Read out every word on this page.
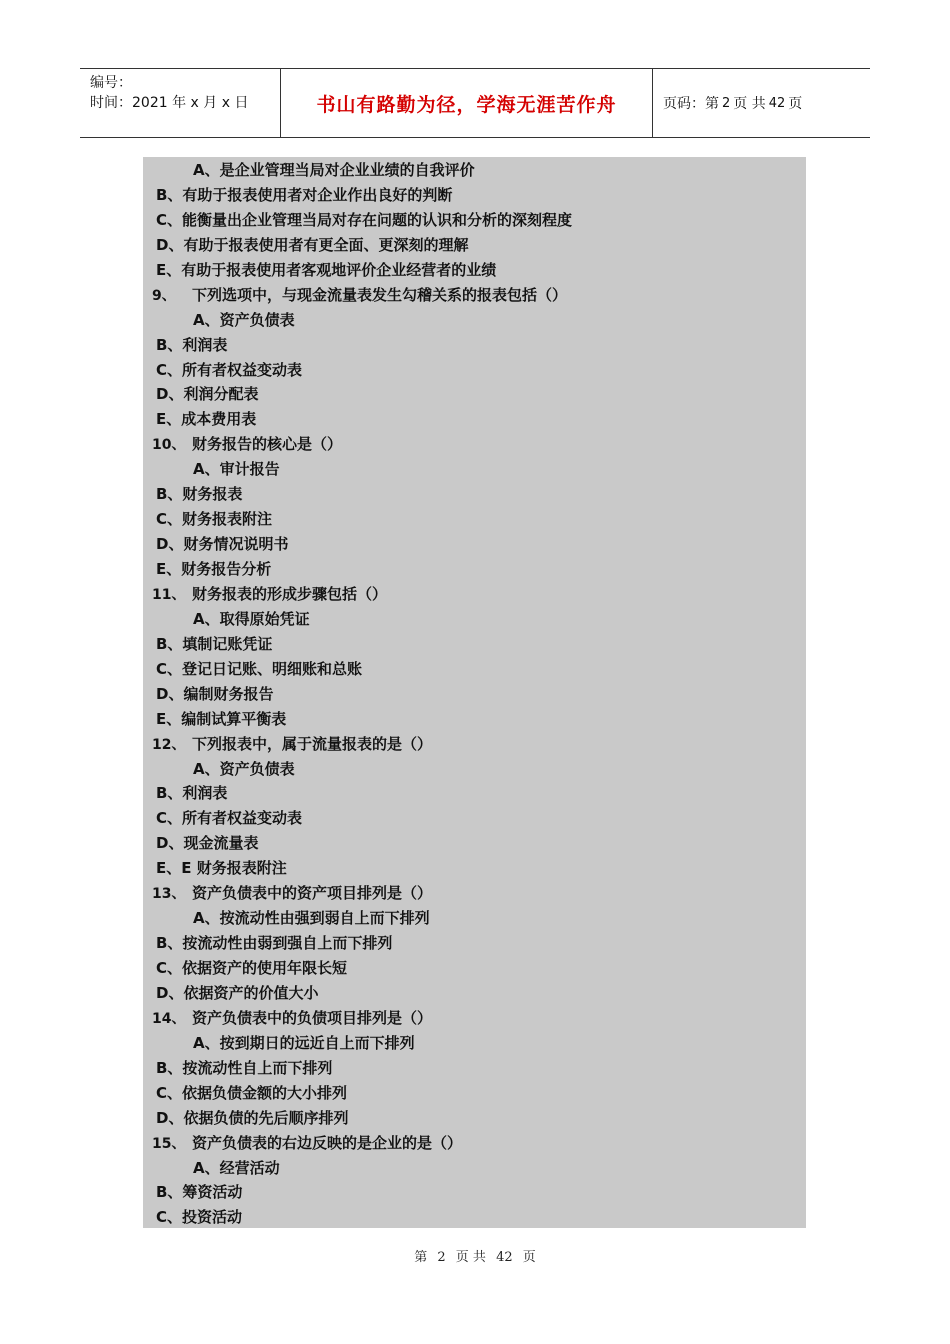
编号：
时间：2021 年 x 月 x 日	书山有路勤为径，学海无涯苦作舟	页码：第 2 页 共 42 页
A、是企业管理当局对企业业绩的自我评价
B、有助于报表使用者对企业作出良好的判断
C、能衡量出企业管理当局对存在问题的认识和分析的深刻程度
D、有助于报表使用者有更全面、更深刻的理解
E、有助于报表使用者客观地评价企业经营者的业绩
9、 下列选项中，与现金流量表发生勾稽关系的报表包括（）
A、资产负债表
B、利润表
C、所有者权益变动表
D、利润分配表
E、成本费用表
10、 财务报告的核心是（）
A、审计报告
B、财务报表
C、财务报表附注
D、财务情况说明书
E、财务报告分析
11、 财务报表的形成步骤包括（）
A、取得原始凭证
B、填制记账凭证
C、登记日记账、明细账和总账
D、编制财务报告
E、编制试算平衡表
12、 下列报表中，属于流量报表的是（）
A、资产负债表
B、利润表
C、所有者权益变动表
D、现金流量表
E、E 财务报表附注
13、 资产负债表中的资产项目排列是（）
A、按流动性由强到弱自上而下排列
B、按流动性由弱到强自上而下排列
C、依据资产的使用年限长短
D、依据资产的价值大小
14、 资产负债表中的负债项目排列是（）
A、按到期日的远近自上而下排列
B、按流动性自上而下排列
C、依据负债金额的大小排列
D、依据负债的先后顺序排列
15、 资产负债表的右边反映的是企业的是（）
A、经营活动
B、筹资活动
C、投资活动
第 2 页 共 42 页
